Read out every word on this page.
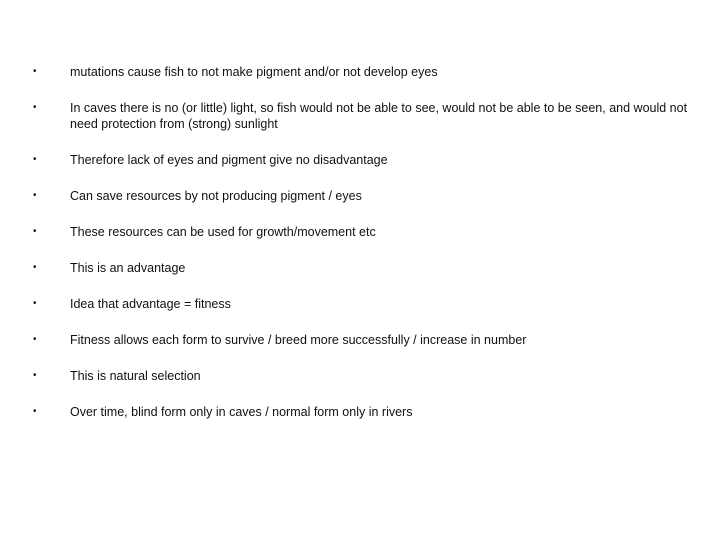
•	mutations cause fish to not make pigment and/or not develop eyes
•	In caves there is no (or little) light, so fish would not be able to see, would not be able to be seen, and would not need protection from (strong) sunlight
•	Therefore lack of eyes and pigment give no disadvantage
•	Can save resources by not producing pigment / eyes
•	These resources can be used for growth/movement etc
•	This is an advantage
•	Idea that advantage = fitness
•	Fitness allows each form to survive / breed more successfully / increase in number
•	This is natural selection
•	Over time, blind form only in caves / normal form only in rivers
